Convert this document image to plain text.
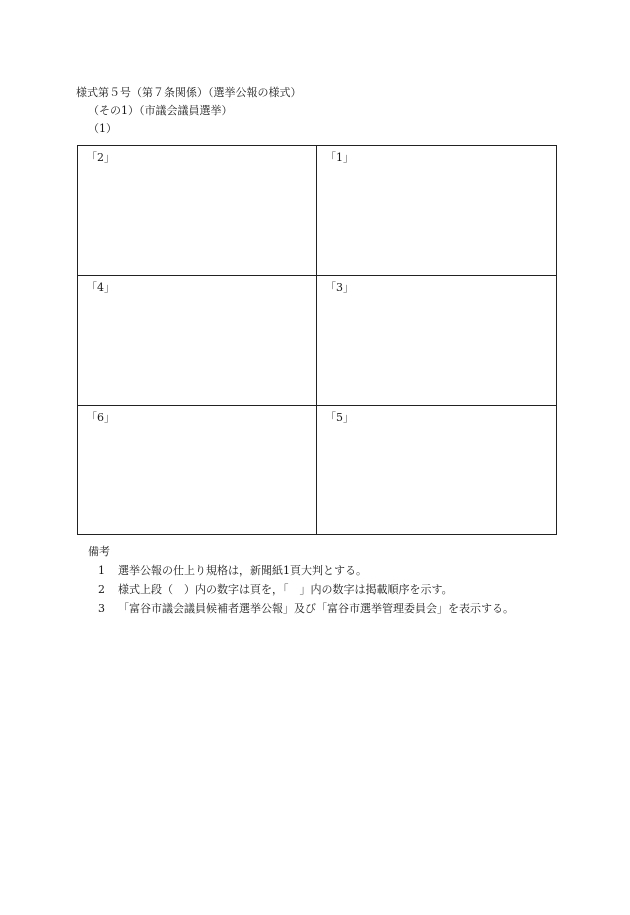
様式第５号（第７条関係）（選挙公報の様式）
（その1）（市議会議員選挙）
（1）
「2」	「1」
「4」	「3」
「6」	「5」
備考
1 選挙公報の仕上り規格は，新聞紙1頁大判とする。
2 様式上段（　）内の数字は頁を，「　」内の数字は掲載順序を示す。
3 「富谷市議会議員候補者選挙公報」及び「富谷市選挙管理委員会」を表示する。
